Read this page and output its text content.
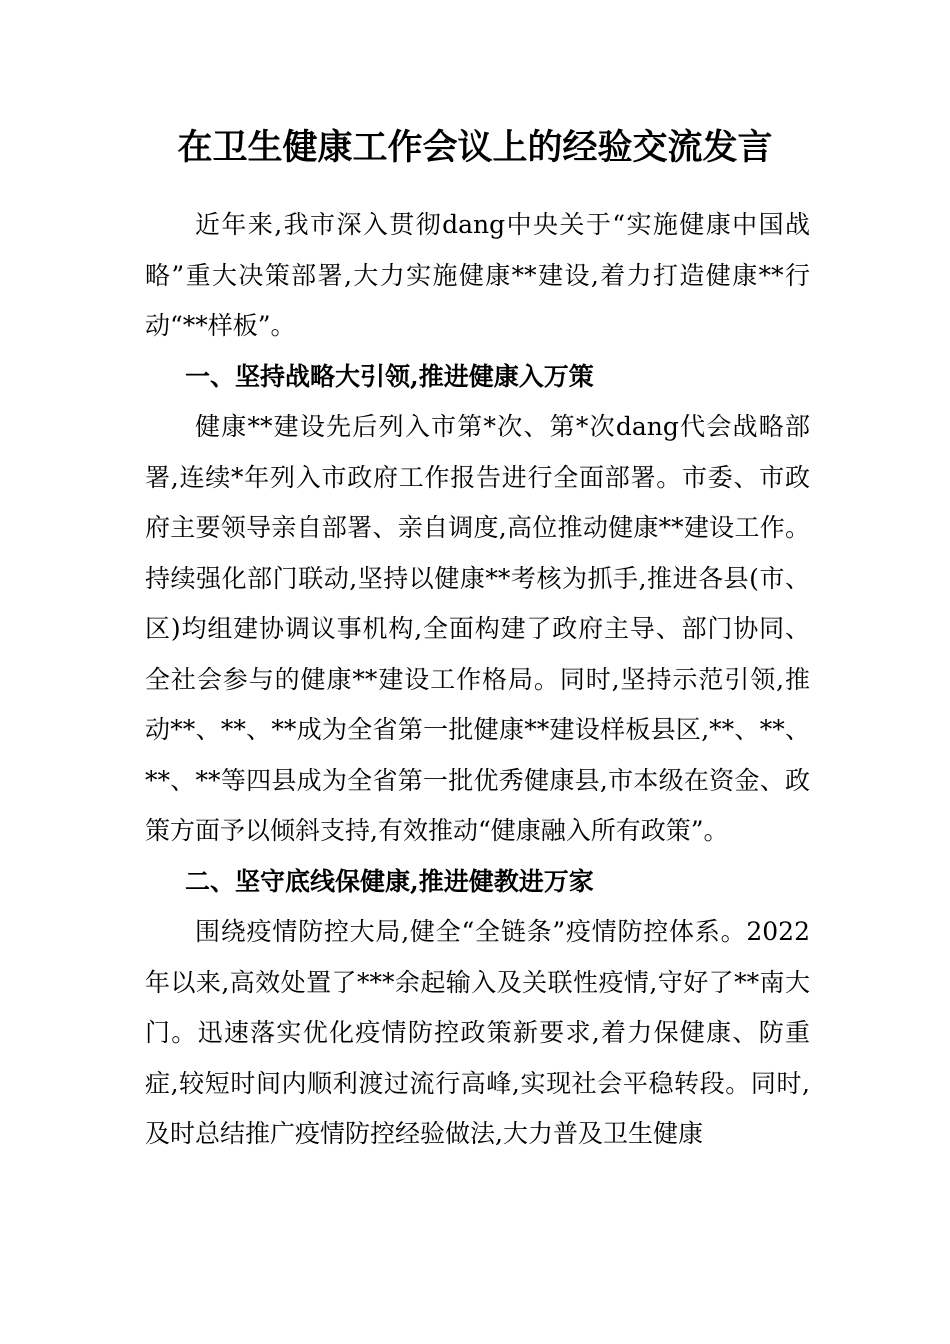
在卫生健康工作会议上的经验交流发言

近年来,我市深入贯彻dang中央关于“实施健康中国战略”重大决策部署,大力实施健康**建设,着力打造健康**行动“**样板”。

一、坚持战略大引领,推进健康入万策

健康**建设先后列入市第*次、第*次dang代会战略部署,连续*年列入市政府工作报告进行全面部署。市委、市政府主要领导亲自部署、亲自调度,高位推动健康**建设工作。持续强化部门联动,坚持以健康**考核为抓手,推进各县(市、区)均组建协调议事机构,全面构建了政府主导、部门协同、全社会参与的健康**建设工作格局。同时,坚持示范引领,推动**、**、**成为全省第一批健康**建设样板县区,**、**、**、**等四县成为全省第一批优秀健康县,市本级在资金、政策方面予以倾斜支持,有效推动“健康融入所有政策”。

二、坚守底线保健康,推进健教进万家

围绕疫情防控大局,健全“全链条”疫情防控体系。2022年以来,高效处置了***余起输入及关联性疫情,守好了**南大门。迅速落实优化疫情防控政策新要求,着力保健康、防重症,较短时间内顺利渡过流行高峰,实现社会平稳转段。同时,及时总结推广疫情防控经验做法,大力普及卫生健康
